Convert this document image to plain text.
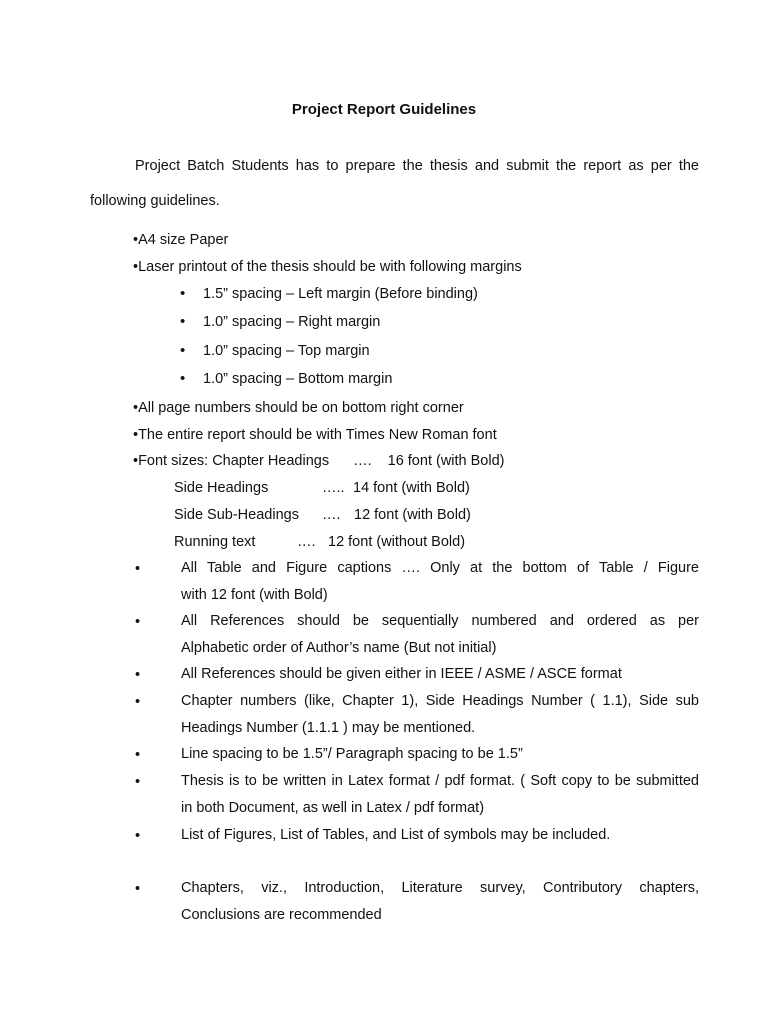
Project Report Guidelines
Project Batch Students has to prepare the thesis and submit the report as per the following guidelines.
•A4 size Paper
•Laser printout of the thesis should be with following margins
• 1.5” spacing – Left margin (Before binding)
• 1.0” spacing – Right margin
• 1.0” spacing – Top margin
• 1.0” spacing – Bottom margin
•All page numbers should be on bottom right corner
•The entire report should be with Times New Roman font
•Font sizes: Chapter Headings …. 16 font (with Bold)
Side Headings	….. 14 font (with Bold)
Side Sub-Headings …. 12 font (with Bold)
Running text	…. 12 font (without Bold)
•	All Table and Figure captions …. Only at the bottom of Table / Figure
with 12 font (with Bold)
•	All References should be sequentially numbered and ordered as per
Alphabetic order of Author’s name (But not initial)
•	All References should be given either in IEEE / ASME / ASCE format
•	Chapter numbers (like, Chapter 1), Side Headings Number ( 1.1), Side sub
Headings Number (1.1.1 ) may be mentioned.
•	Line spacing to be 1.5”/ Paragraph spacing to be 1.5”
•	Thesis is to be written in Latex format / pdf format. ( Soft copy to be submitted
in both Document, as well in Latex / pdf format)
•	List of Figures, List of Tables, and List of symbols may be included.
•	Chapters, viz., Introduction, Literature survey, Contributory chapters,
Conclusions are recommended
